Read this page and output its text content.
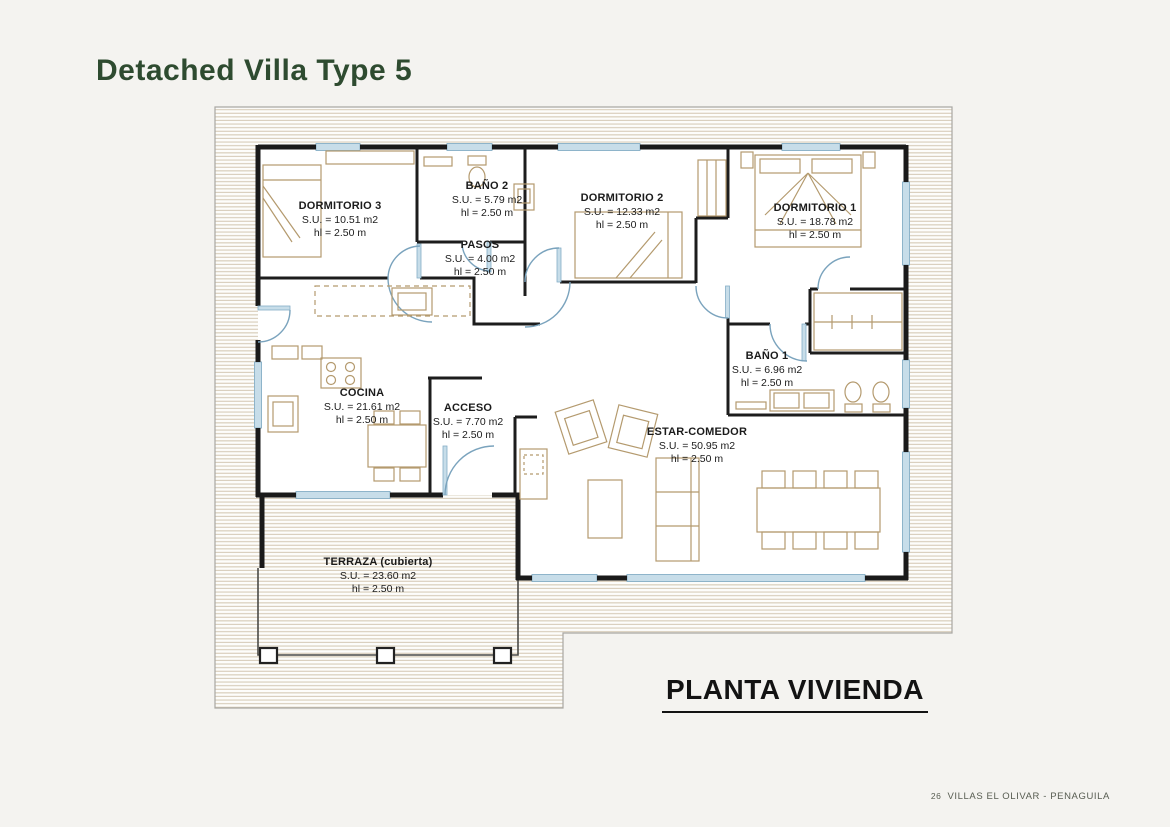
Detached Villa Type 5
DORMITORIO 3
S.U. = 10.51 m2
hl = 2.50 m
BAÑO 2
S.U. = 5.79 m2
hl = 2.50 m
DORMITORIO 2
S.U. = 12.33 m2
hl = 2.50 m
DORMITORIO 1
S.U. = 18.78 m2
hl = 2.50 m
PASOS
S.U. = 4.00 m2
hl = 2.50 m
COCINA
S.U. = 21.61 m2
hl = 2.50 m
ACCESO
S.U. = 7.70 m2
hl = 2.50 m
BAÑO 1
S.U. = 6.96 m2
hl = 2.50 m
ESTAR-COMEDOR
S.U. = 50.95 m2
hl = 2.50 m
TERRAZA (cubierta)
S.U. = 23.60 m2
hl = 2.50 m
PLANTA VIVIENDA
26 VILLAS EL OLIVAR - PENAGUILA
